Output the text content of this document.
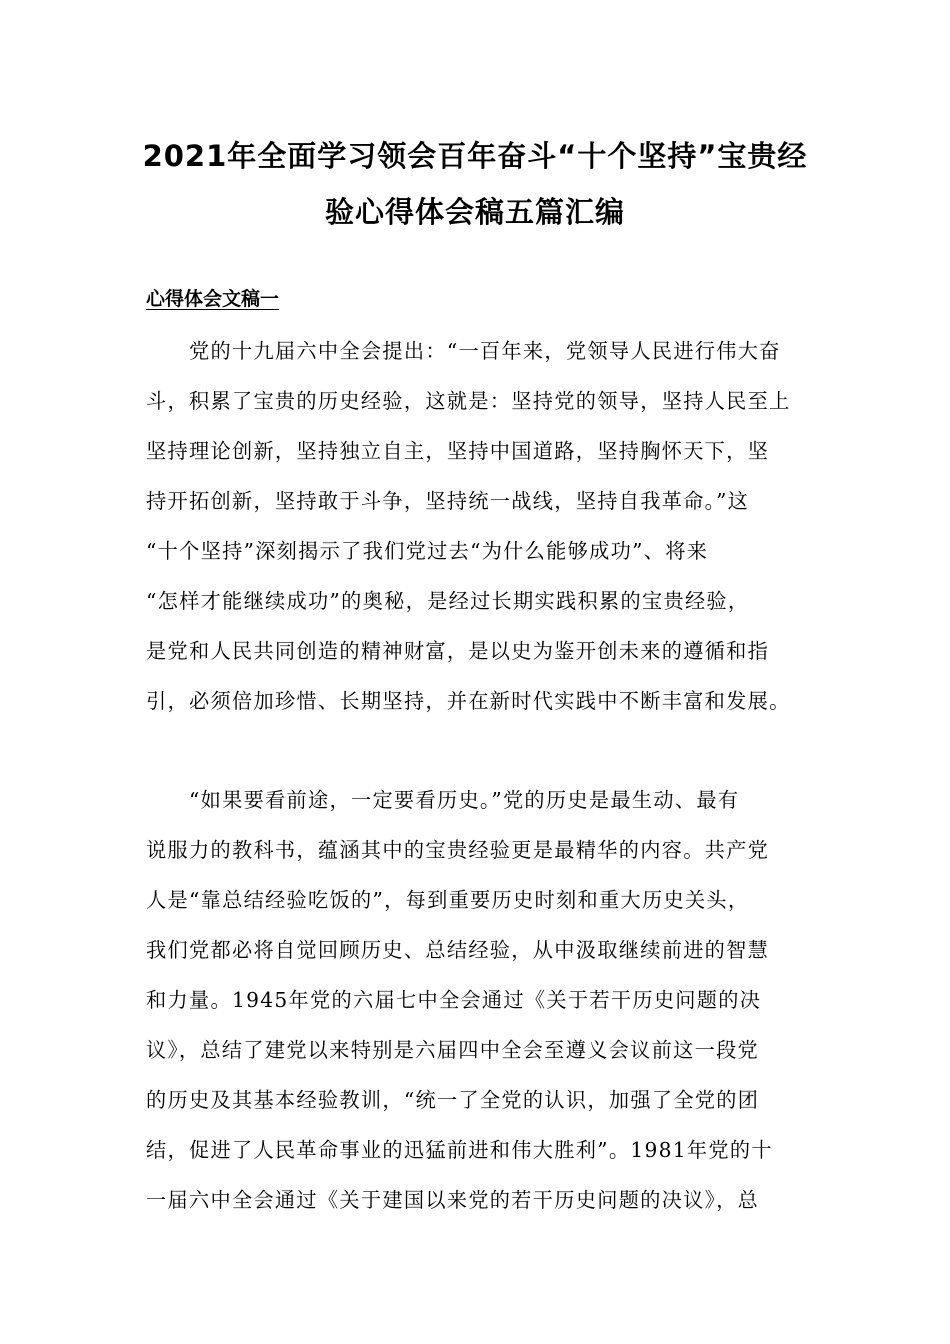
2021年全面学习领会百年奋斗“十个坚持”宝贵经
验心得体会稿五篇汇编
心得体会文稿一
　　党的十九届六中全会提出：“一百年来，党领导人民进行伟大奋
斗，积累了宝贵的历史经验，这就是：坚持党的领导，坚持人民至上
坚持理论创新，坚持独立自主，坚持中国道路，坚持胸怀天下，坚
持开拓创新，坚持敢于斗争，坚持统一战线，坚持自我革命。”这
“十个坚持”深刻揭示了我们党过去“为什么能够成功”、将来
“怎样才能继续成功”的奥秘，是经过长期实践积累的宝贵经验，
是党和人民共同创造的精神财富，是以史为鉴开创未来的遵循和指
引，必须倍加珍惜、长期坚持，并在新时代实践中不断丰富和发展。
　　“如果要看前途，一定要看历史。”党的历史是最生动、最有
说服力的教科书，蕴涵其中的宝贵经验更是最精华的内容。共产党
人是“靠总结经验吃饭的”，每到重要历史时刻和重大历史关头，
我们党都必将自觉回顾历史、总结经验，从中汲取继续前进的智慧
和力量。1945年党的六届七中全会通过《关于若干历史问题的决
议》，总结了建党以来特别是六届四中全会至遵义会议前这一段党
的历史及其基本经验教训，“统一了全党的认识，加强了全党的团
结，促进了人民革命事业的迅猛前进和伟大胜利”。1981年党的十
一届六中全会通过《关于建国以来党的若干历史问题的决议》，总
